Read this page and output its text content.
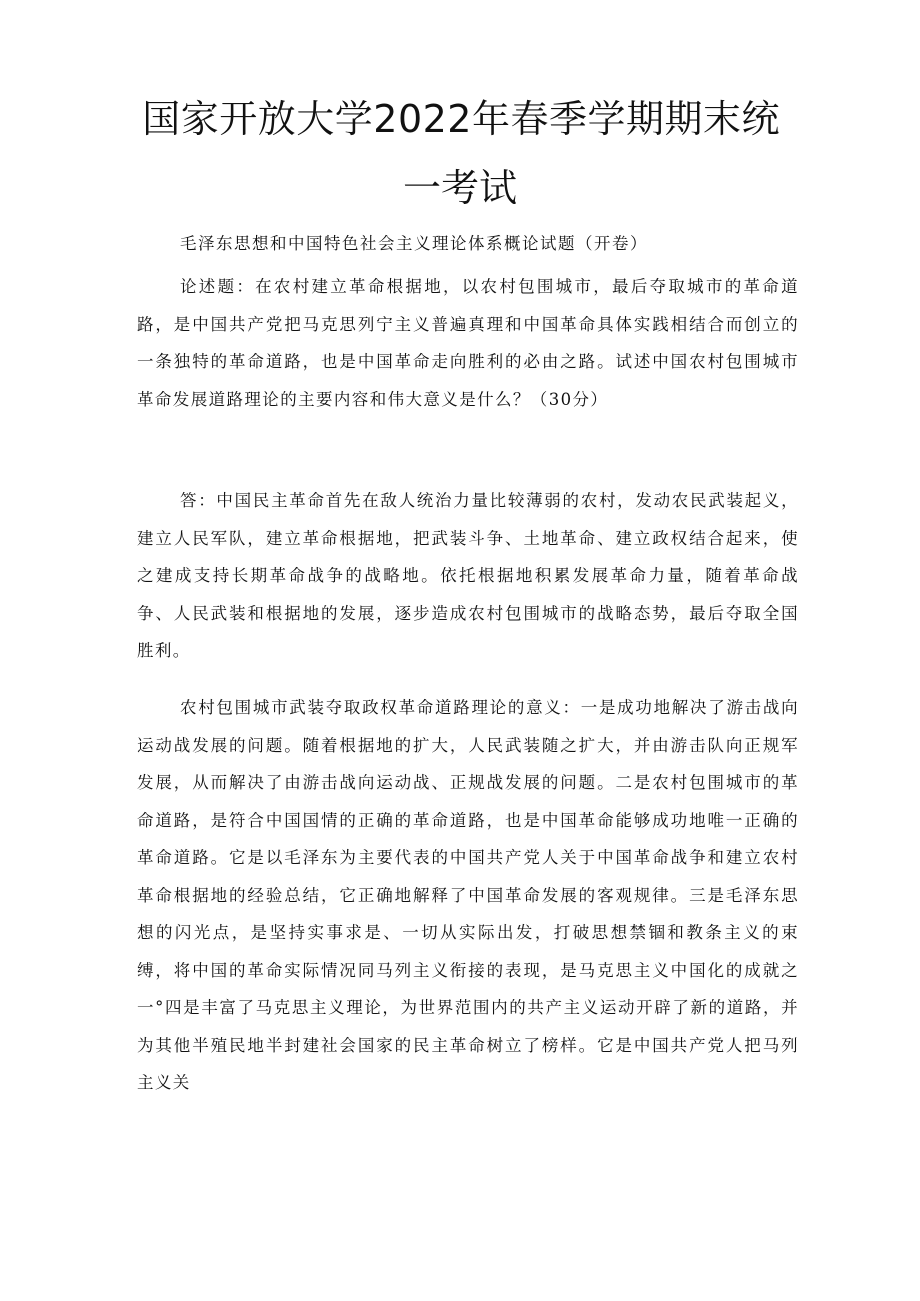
国家开放大学2022年春季学期期末统
一考试
毛泽东思想和中国特色社会主义理论体系概论试题（开卷）

论述题：在农村建立革命根据地，以农村包围城市，最后夺取城市的革命道路，是中国共产党把马克思列宁主义普遍真理和中国革命具体实践相结合而创立的一条独特的革命道路，也是中国革命走向胜利的必由之路。试述中国农村包围城市革命发展道路理论的主要内容和伟大意义是什么？（30分）

答：中国民主革命首先在敌人统治力量比较薄弱的农村，发动农民武装起义，建立人民军队，建立革命根据地，把武装斗争、土地革命、建立政权结合起来，使之建成支持长期革命战争的战略地。依托根据地积累发展革命力量，随着革命战争、人民武装和根据地的发展，逐步造成农村包围城市的战略态势，最后夺取全国胜利。

农村包围城市武装夺取政权革命道路理论的意义：一是成功地解决了游击战向运动战发展的问题。随着根据地的扩大，人民武装随之扩大，并由游击队向正规军发展，从而解决了由游击战向运动战、正规战发展的问题。二是农村包围城市的革命道路，是符合中国国情的正确的革命道路，也是中国革命能够成功地唯一正确的革命道路。它是以毛泽东为主要代表的中国共产党人关于中国革命战争和建立农村革命根据地的经验总结，它正确地解释了中国革命发展的客观规律。三是毛泽东思想的闪光点，是坚持实事求是、一切从实际出发，打破思想禁锢和教条主义的束缚，将中国的革命实际情况同马列主义衔接的表现，是马克思主义中国化的成就之一°四是丰富了马克思主义理论，为世界范围内的共产主义运动开辟了新的道路，并为其他半殖民地半封建社会国家的民主革命树立了榜样。它是中国共产党人把马列主义关
